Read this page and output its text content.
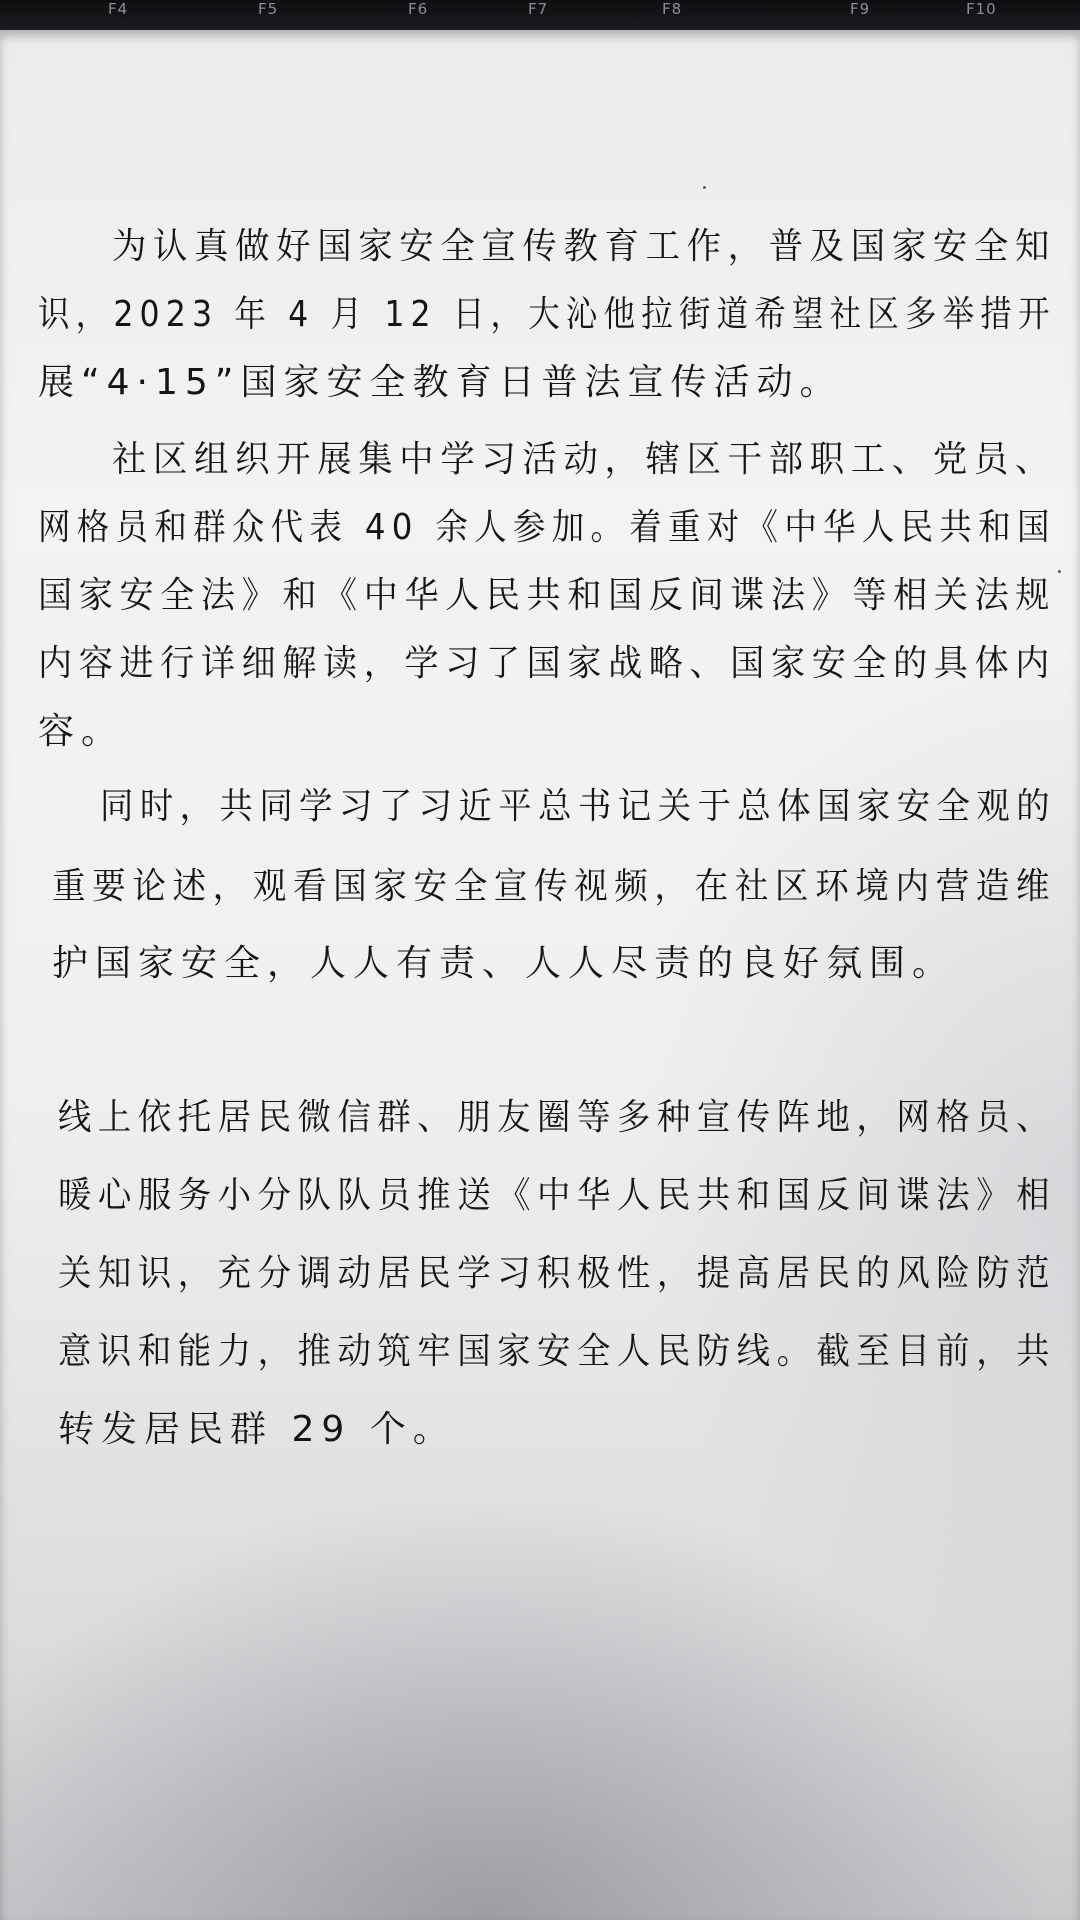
F4	F5	F6	F7	F8	F9	F10
为认真做好国家安全宣传教育工作，普及国家安全知
识，2023 年 4 月 12 日，大沁他拉街道希望社区多举措开
展“4·15”国家安全教育日普法宣传活动。
社区组织开展集中学习活动，辖区干部职工、党员、
网格员和群众代表 40 余人参加。着重对《中华人民共和国
国家安全法》和《中华人民共和国反间谍法》等相关法规
内容进行详细解读，学习了国家战略、国家安全的具体内
容。
同时，共同学习了习近平总书记关于总体国家安全观的
重要论述，观看国家安全宣传视频，在社区环境内营造维
护国家安全，人人有责、人人尽责的良好氛围。
线上依托居民微信群、朋友圈等多种宣传阵地，网格员、
暖心服务小分队队员推送《中华人民共和国反间谍法》相
关知识，充分调动居民学习积极性，提高居民的风险防范
意识和能力，推动筑牢国家安全人民防线。截至目前，共
转发居民群 29 个。
